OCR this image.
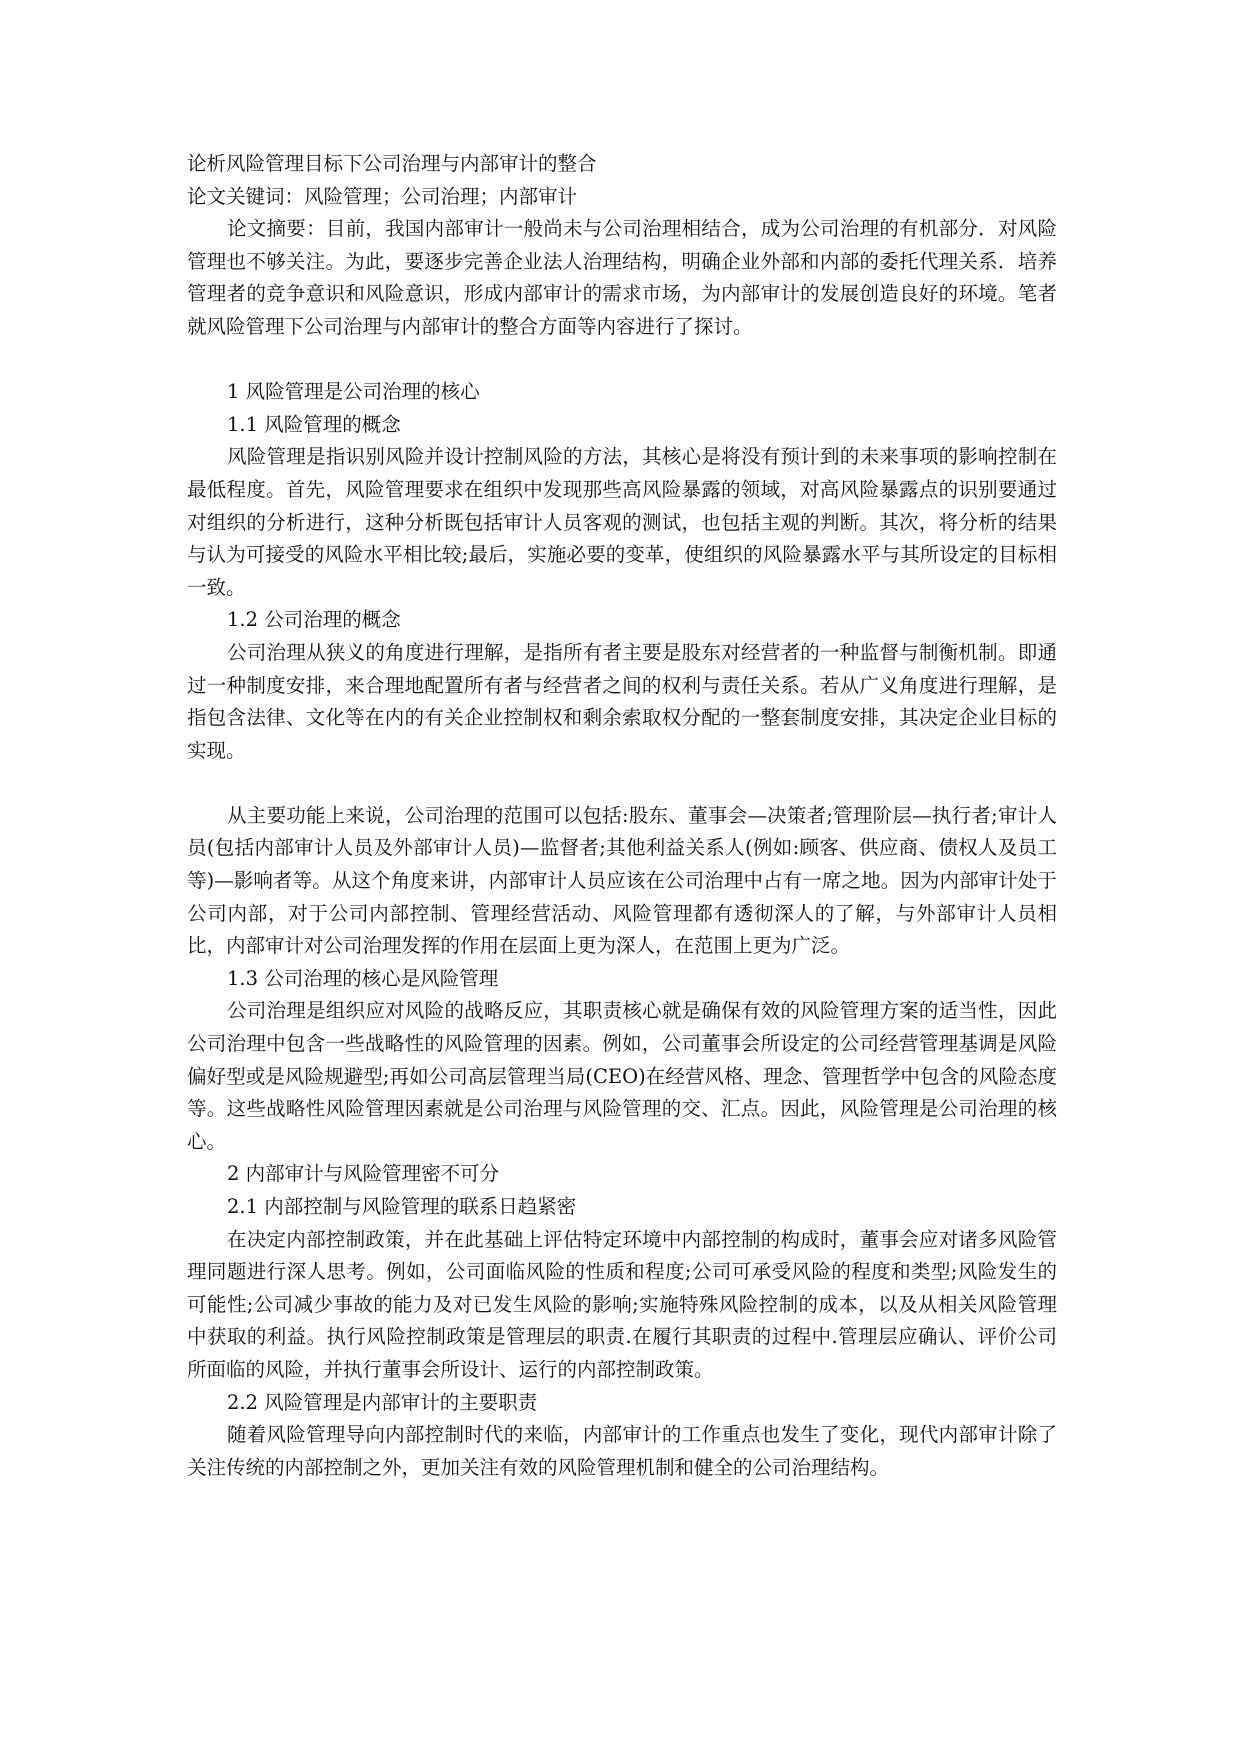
论析风险管理目标下公司治理与内部审计的整合

论文关键词：风险管理；公司治理；内部审计

论文摘要：目前，我国内部审计一般尚未与公司治理相结合，成为公司治理的有机部分．对风险管理也不够关注。为此，要逐步完善企业法人治理结构，明确企业外部和内部的委托代理关系．培养管理者的竞争意识和风险意识，形成内部审计的需求市场，为内部审计的发展创造良好的环境。笔者就风险管理下公司治理与内部审计的整合方面等内容进行了探讨。

1 风险管理是公司治理的核心

1.1 风险管理的概念

风险管理是指识别风险并设计控制风险的方法，其核心是将没有预计到的未来事项的影响控制在最低程度。首先，风险管理要求在组织中发现那些高风险暴露的领域，对高风险暴露点的识别要通过对组织的分析进行，这种分析既包括审计人员客观的测试，也包括主观的判断。其次，将分析的结果与认为可接受的风险水平相比较;最后，实施必要的变革，使组织的风险暴露水平与其所设定的目标相一致。

1.2 公司治理的概念

公司治理从狭义的角度进行理解，是指所有者主要是股东对经营者的一种监督与制衡机制。即通过一种制度安排，来合理地配置所有者与经营者之间的权利与责任关系。若从广义角度进行理解，是指包含法律、文化等在内的有关企业控制权和剩余索取权分配的一整套制度安排，其决定企业目标的实现。

从主要功能上来说，公司治理的范围可以包括:股东、董事会—决策者;管理阶层—执行者;审计人员(包括内部审计人员及外部审计人员)—监督者;其他利益关系人(例如:顾客、供应商、债权人及员工等)—影响者等。从这个角度来讲，内部审计人员应该在公司治理中占有一席之地。因为内部审计处于公司内部，对于公司内部控制、管理经营活动、风险管理都有透彻深人的了解，与外部审计人员相比，内部审计对公司治理发挥的作用在层面上更为深人，在范围上更为广泛。

1.3 公司治理的核心是风险管理

公司治理是组织应对风险的战略反应，其职责核心就是确保有效的风险管理方案的适当性，因此公司治理中包含一些战略性的风险管理的因素。例如，公司董事会所设定的公司经营管理基调是风险偏好型或是风险规避型;再如公司高层管理当局(CEO)在经营风格、理念、管理哲学中包含的风险态度等。这些战略性风险管理因素就是公司治理与风险管理的交、汇点。因此，风险管理是公司治理的核心。

2 内部审计与风险管理密不可分

2.1 内部控制与风险管理的联系日趋紧密

在决定内部控制政策，并在此基础上评估特定环境中内部控制的构成时，董事会应对诸多风险管理同题进行深人思考。例如，公司面临风险的性质和程度;公司可承受风险的程度和类型;风险发生的可能性;公司减少事故的能力及对已发生风险的影响;实施特殊风险控制的成本，以及从相关风险管理中获取的利益。执行风险控制政策是管理层的职责.在履行其职责的过程中.管理层应确认、评价公司所面临的风险，并执行董事会所设计、运行的内部控制政策。

2.2 风险管理是内部审计的主要职责

随着风险管理导向内部控制时代的来临，内部审计的工作重点也发生了变化，现代内部审计除了关注传统的内部控制之外，更加关注有效的风险管理机制和健全的公司治理结构。
